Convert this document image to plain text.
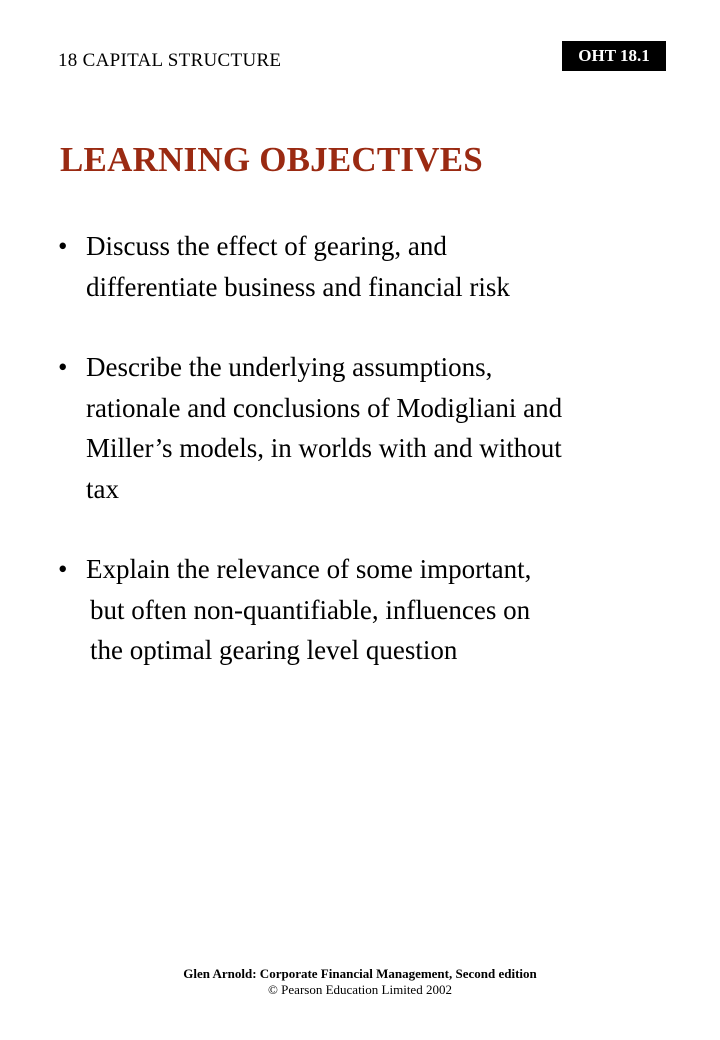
18 CAPITAL STRUCTURE	OHT 18.1
LEARNING OBJECTIVES
• Discuss the effect of gearing, and
differentiate business and financial risk
• Describe the underlying assumptions,
rationale and conclusions of Modigliani and
Miller’s models, in worlds with and without
tax
• Explain the relevance of some important,
but often non-quantifiable, influences on
the optimal gearing level question
Glen Arnold: Corporate Financial Management, Second edition
© Pearson Education Limited 2002
